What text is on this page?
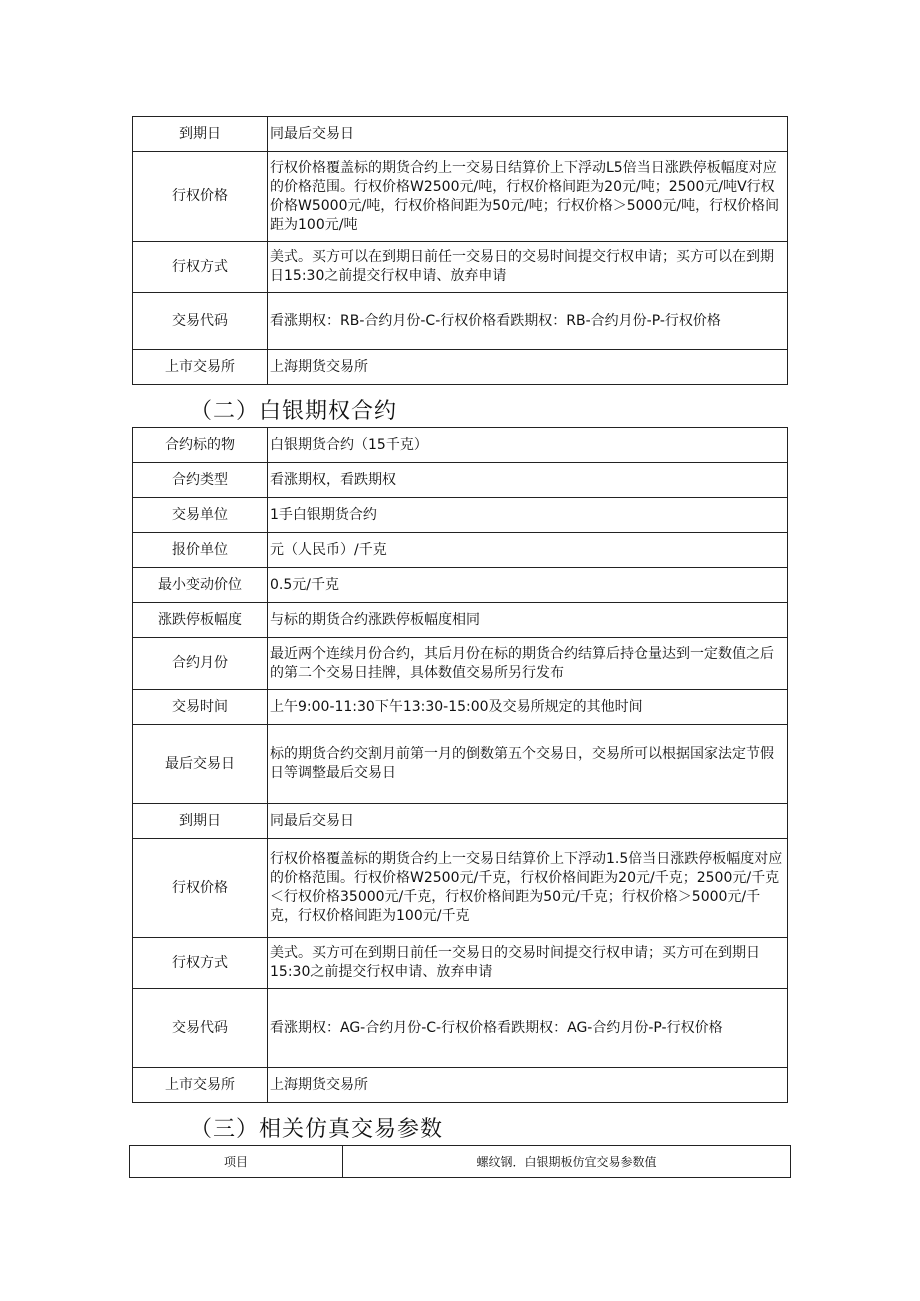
到期日	同最后交易日
行权价格	行权价格覆盖标的期货合约上一交易日结算价上下浮动L5倍当日涨跌停板幅度对应的价格范围。行权价格W2500元/吨，行权价格间距为20元/吨；2500元/吨V行权价格W5000元/吨，行权价格间距为50元/吨；行权价格＞5000元/吨，行权价格间距为100元/吨
行权方式	美式。买方可以在到期日前任一交易日的交易时间提交行权申请；买方可以在到期日15:30之前提交行权申请、放弃申请
交易代码	看涨期权：RB-合约月份-C-行权价格看跌期权：RB-合约月份-P-行权价格
上市交易所	上海期货交易所
（二）白银期权合约
合约标的物	白银期货合约（15千克）
合约类型	看涨期权，看跌期权
交易单位	1手白银期货合约
报价单位	元（人民币）/千克
最小变动价位	0.5元/千克
涨跌停板幅度	与标的期货合约涨跌停板幅度相同
合约月份	最近两个连续月份合约，其后月份在标的期货合约结算后持仓量达到一定数值之后的第二个交易日挂牌，具体数值交易所另行发布
交易时间	上午9:00-11:30下午13:30-15:00及交易所规定的其他时间
最后交易日	标的期货合约交割月前第一月的倒数第五个交易日，交易所可以根据国家法定节假日等调整最后交易日
到期日	同最后交易日
行权价格	行权价格覆盖标的期货合约上一交易日结算价上下浮动1.5倍当日涨跌停板幅度对应的价格范围。行权价格W2500元/千克，行权价格间距为20元/千克；2500元/千克＜行权价格35000元/千克，行权价格间距为50元/千克；行权价格＞5000元/千克，行权价格间距为100元/千克
行权方式	美式。买方可在到期日前任一交易日的交易时间提交行权申请；买方可在到期日15:30之前提交行权申请、放弃申请
交易代码	看涨期权：AG-合约月份-C-行权价格看跌期权：AG-合约月份-P-行权价格
上市交易所	上海期货交易所
（三）相关仿真交易参数
项目	螺纹钢．白银期板仿宜交易参数值
